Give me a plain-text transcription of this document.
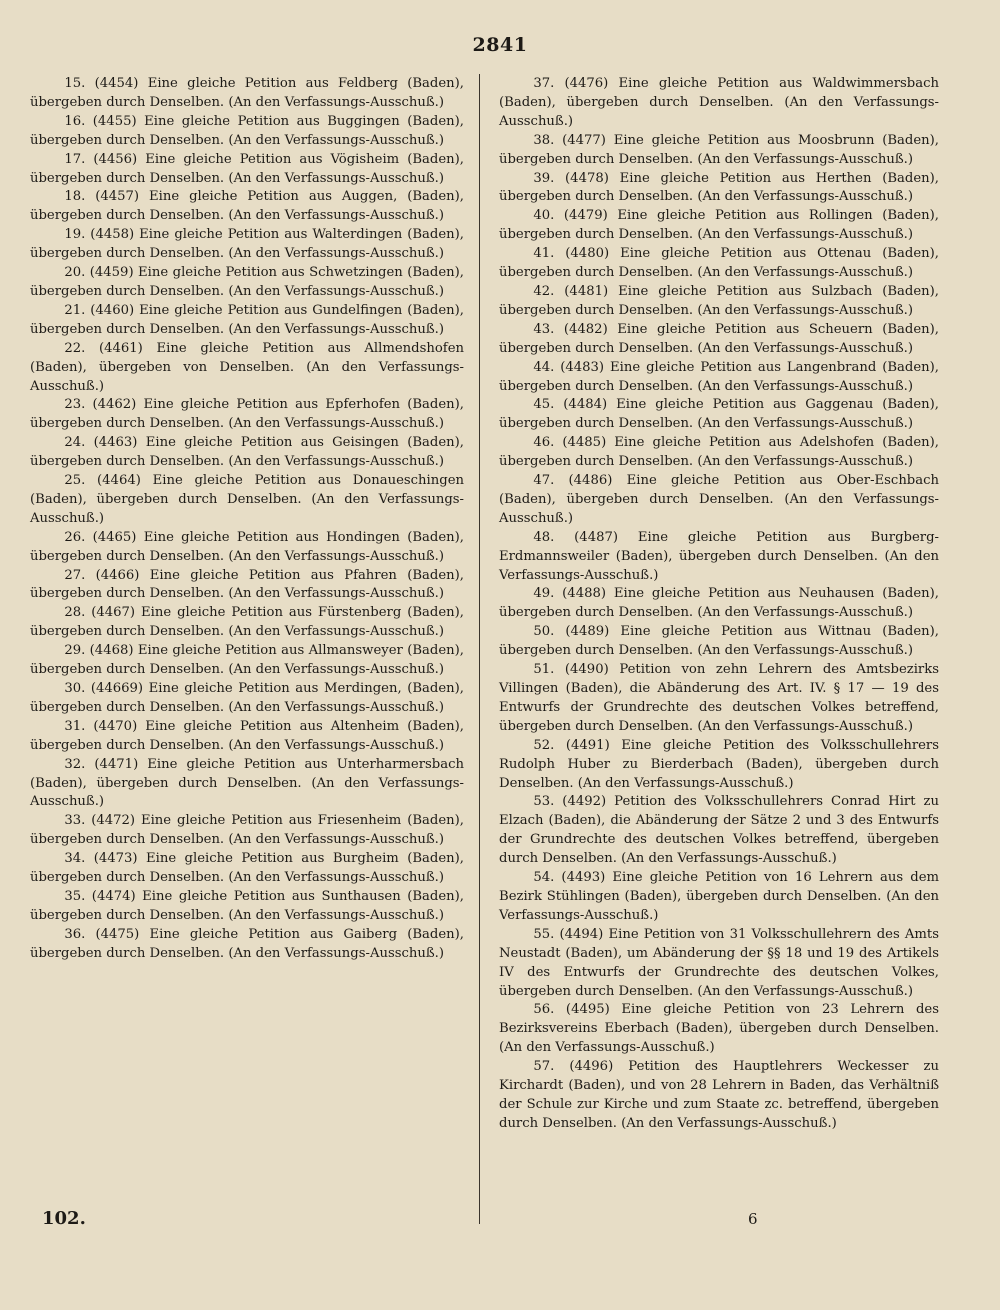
2841

15. (4454) Eine gleiche Petition aus Feldberg (Baden), übergeben durch Denselben. (An den Verfassungs-Ausschuß.)

16. (4455) Eine gleiche Petition aus Buggingen (Baden), übergeben durch Denselben. (An den Verfassungs-Ausschuß.)

17. (4456) Eine gleiche Petition aus Vögisheim (Baden), übergeben durch Denselben. (An den Verfassungs-Ausschuß.)

18. (4457) Eine gleiche Petition aus Auggen, (Baden), übergeben durch Denselben. (An den Verfassungs-Ausschuß.)

19. (4458) Eine gleiche Petition aus Walterdingen (Baden), übergeben durch Denselben. (An den Verfassungs-Ausschuß.)

20. (4459) Eine gleiche Petition aus Schwetzingen (Baden), übergeben durch Denselben. (An den Verfassungs-Ausschuß.)

21. (4460) Eine gleiche Petition aus Gundelfingen (Baden), übergeben durch Denselben. (An den Verfassungs-Ausschuß.)

22. (4461) Eine gleiche Petition aus Allmendshofen (Baden), übergeben von Denselben. (An den Verfassungs-Ausschuß.)

23. (4462) Eine gleiche Petition aus Epferhofen (Baden), übergeben durch Denselben. (An den Verfassungs-Ausschuß.)

24. (4463) Eine gleiche Petition aus Geisingen (Baden), übergeben durch Denselben. (An den Verfassungs-Ausschuß.)

25. (4464) Eine gleiche Petition aus Donaueschingen (Baden), übergeben durch Denselben. (An den Verfassungs-Ausschuß.)

26. (4465) Eine gleiche Petition aus Hondingen (Baden), übergeben durch Denselben. (An den Verfassungs-Ausschuß.)

27. (4466) Eine gleiche Petition aus Pfahren (Baden), übergeben durch Denselben. (An den Verfassungs-Ausschuß.)

28. (4467) Eine gleiche Petition aus Fürstenberg (Baden), übergeben durch Denselben. (An den Verfassungs-Ausschuß.)

29. (4468) Eine gleiche Petition aus Allmansweyer (Baden), übergeben durch Denselben. (An den Verfassungs-Ausschuß.)

30. (44669) Eine gleiche Petition aus Merdingen, (Baden), übergeben durch Denselben. (An den Verfassungs-Ausschuß.)

31. (4470) Eine gleiche Petition aus Altenheim (Baden), übergeben durch Denselben. (An den Verfassungs-Ausschuß.)

32. (4471) Eine gleiche Petition aus Unterharmersbach (Baden), übergeben durch Denselben. (An den Verfassungs-Ausschuß.)

33. (4472) Eine gleiche Petition aus Friesenheim (Baden), übergeben durch Denselben. (An den Verfassungs-Ausschuß.)

34. (4473) Eine gleiche Petition aus Burgheim (Baden), übergeben durch Denselben. (An den Verfassungs-Ausschuß.)

35. (4474) Eine gleiche Petition aus Sunthausen (Baden), übergeben durch Denselben. (An den Verfassungs-Ausschuß.)

36. (4475) Eine gleiche Petition aus Gaiberg (Baden), übergeben durch Denselben. (An den Verfassungs-Ausschuß.)

37. (4476) Eine gleiche Petition aus Waldwimmersbach (Baden), übergeben durch Denselben. (An den Verfassungs-Ausschuß.)

38. (4477) Eine gleiche Petition aus Moosbrunn (Baden), übergeben durch Denselben. (An den Verfassungs-Ausschuß.)

39. (4478) Eine gleiche Petition aus Herthen (Baden), übergeben durch Denselben. (An den Verfassungs-Ausschuß.)

40. (4479) Eine gleiche Petition aus Rollingen (Baden), übergeben durch Denselben. (An den Verfassungs-Ausschuß.)

41. (4480) Eine gleiche Petition aus Ottenau (Baden), übergeben durch Denselben. (An den Verfassungs-Ausschuß.)

42. (4481) Eine gleiche Petition aus Sulzbach (Baden), übergeben durch Denselben. (An den Verfassungs-Ausschuß.)

43. (4482) Eine gleiche Petition aus Scheuern (Baden), übergeben durch Denselben. (An den Verfassungs-Ausschuß.)

44. (4483) Eine gleiche Petition aus Langenbrand (Baden), übergeben durch Denselben. (An den Verfassungs-Ausschuß.)

45. (4484) Eine gleiche Petition aus Gaggenau (Baden), übergeben durch Denselben. (An den Verfassungs-Ausschuß.)

46. (4485) Eine gleiche Petition aus Adelshofen (Baden), übergeben durch Denselben. (An den Verfassungs-Ausschuß.)

47. (4486) Eine gleiche Petition aus Ober-Eschbach (Baden), übergeben durch Denselben. (An den Verfassungs-Ausschuß.)

48. (4487) Eine gleiche Petition aus Burgberg-Erdmannsweiler (Baden), übergeben durch Denselben. (An den Verfassungs-Ausschuß.)

49. (4488) Eine gleiche Petition aus Neuhausen (Baden), übergeben durch Denselben. (An den Verfassungs-Ausschuß.)

50. (4489) Eine gleiche Petition aus Wittnau (Baden), übergeben durch Denselben. (An den Verfassungs-Ausschuß.)

51. (4490) Petition von zehn Lehrern des Amtsbezirks Villingen (Baden), die Abänderung des Art. IV. § 17 — 19 des Entwurfs der Grundrechte des deutschen Volkes betreffend, übergeben durch Denselben. (An den Verfassungs-Ausschuß.)

52. (4491) Eine gleiche Petition des Volksschullehrers Rudolph Huber zu Bierderbach (Baden), übergeben durch Denselben. (An den Verfassungs-Ausschuß.)

53. (4492) Petition des Volksschullehrers Conrad Hirt zu Elzach (Baden), die Abänderung der Sätze 2 und 3 des Entwurfs der Grundrechte des deutschen Volkes betreffend, übergeben durch Denselben. (An den Verfassungs-Ausschuß.)

54. (4493) Eine gleiche Petition von 16 Lehrern aus dem Bezirk Stühlingen (Baden), übergeben durch Denselben. (An den Verfassungs-Ausschuß.)

55. (4494) Eine Petition von 31 Volksschullehrern des Amts Neustadt (Baden), um Abänderung der §§ 18 und 19 des Artikels IV des Entwurfs der Grundrechte des deutschen Volkes, übergeben durch Denselben. (An den Verfassungs-Ausschuß.)

56. (4495) Eine gleiche Petition von 23 Lehrern des Bezirksvereins Eberbach (Baden), übergeben durch Denselben. (An den Verfassungs-Ausschuß.)

57. (4496) Petition des Hauptlehrers Weckesser zu Kirchardt (Baden), und von 28 Lehrern in Baden, das Verhältniß der Schule zur Kirche und zum Staate zc. betreffend, übergeben durch Denselben. (An den Verfassungs-Ausschuß.)

102.	6
